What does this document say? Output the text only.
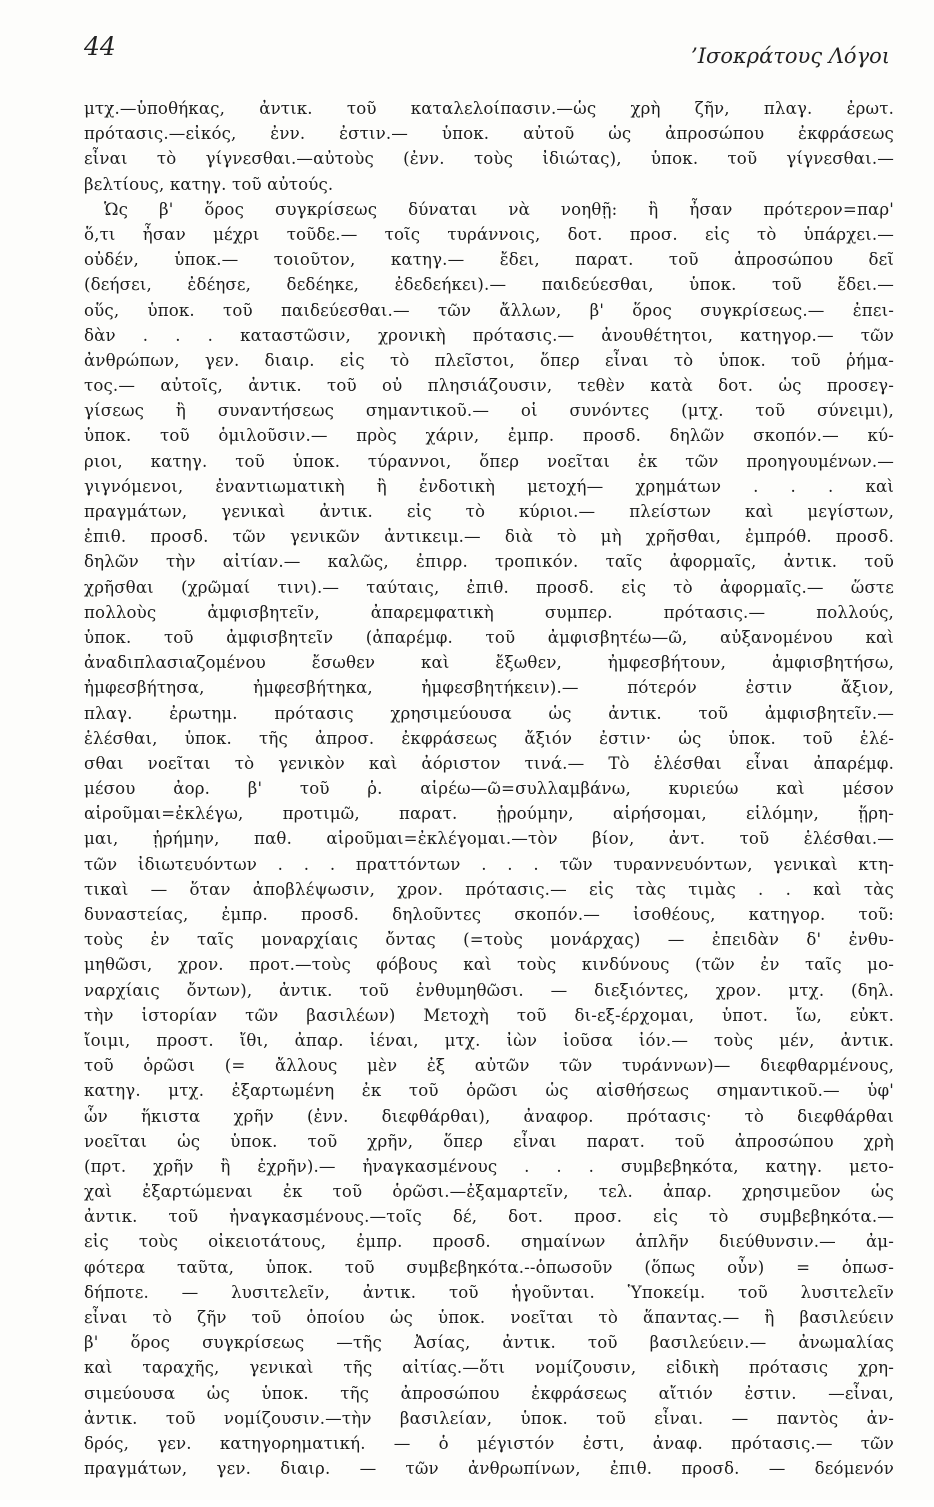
44	’Ισοκράτους Λόγοι
μτχ.—ὑποθήκας, ἀντικ. τοῦ καταλελοίπασιν.—ὡς χρὴ ζῆν, πλαγ. ἐρωτ.
πρότασις.—εἰκός, ἐνν. ἐστιν.— ὑποκ. αὐτοῦ ὡς ἀπροσώπου ἐκφράσεως
εἶναι τὸ γίγνεσθαι.—αὐτοὺς (ἐνν. τοὺς ἰδιώτας), ὑποκ. τοῦ γίγνεσθαι.—
βελτίους, κατηγ. τοῦ αὐτούς.
Ὡς β' ὅρος συγκρίσεως δύναται νὰ νοηθῇ: ἢ ἦσαν πρότερον=παρ'
ὅ,τι ἦσαν μέχρι τοῦδε.— τοῖς τυράννοις, δοτ. προσ. εἰς τὸ ὑπάρχει.—
οὐδέν, ὑποκ.— τοιοῦτον, κατηγ.— ἔδει, παρατ. τοῦ ἀπροσώπου δεῖ
(δεήσει, ἐδέησε, δεδέηκε, ἐδεδεήκει).— παιδεύεσθαι, ὑποκ. τοῦ ἔδει.—
οὕς, ὑποκ. τοῦ παιδεύεσθαι.— τῶν ἄλλων, β' ὅρος συγκρίσεως.— ἐπει-
δὰν . . . καταστῶσιν, χρονικὴ πρότασις.— ἀνουθέτητοι, κατηγορ.— τῶν
ἀνθρώπων, γεν. διαιρ. εἰς τὸ πλεῖστοι, ὅπερ εἶναι τὸ ὑποκ. τοῦ ῥήμα-
τος.— αὐτοῖς, ἀντικ. τοῦ οὐ πλησιάζουσιν, τεθὲν κατὰ δοτ. ὡς προσεγ-
γίσεως ἢ συναντήσεως σημαντικοῦ.— οἱ συνόντες (μτχ. τοῦ σύνειμι),
ὑποκ. τοῦ ὁμιλοῦσιν.— πρὸς χάριν, ἐμπρ. προσδ. δηλῶν σκοπόν.— κύ-
ριοι, κατηγ. τοῦ ὑποκ. τύραννοι, ὅπερ νοεῖται ἐκ τῶν προηγουμένων.—
γιγνόμενοι, ἐναντιωματικὴ ἢ ἐνδοτικὴ μετοχή— χρημάτων . . . καὶ
πραγμάτων, γενικαὶ ἀντικ. εἰς τὸ κύριοι.— πλείστων καὶ μεγίστων,
ἐπιθ. προσδ. τῶν γενικῶν ἀντικειμ.— διὰ τὸ μὴ χρῆσθαι, ἐμπρόθ. προσδ.
δηλῶν τὴν αἰτίαν.— καλῶς, ἐπιρρ. τροπικόν. ταῖς ἀφορμαῖς, ἀντικ. τοῦ
χρῆσθαι (χρῶμαί τινι).— ταύταις, ἐπιθ. προσδ. εἰς τὸ ἀφορμαῖς.— ὥστε
πολλοὺς ἀμφισβητεῖν, ἀπαρεμφατικὴ συμπερ. πρότασις.— πολλούς,
ὑποκ. τοῦ ἀμφισβητεῖν (ἀπαρέμφ. τοῦ ἀμφισβητέω—ῶ, αὐξανομένου καὶ
ἀναδιπλασιαζομένου ἔσωθεν καὶ ἔξωθεν, ἠμφεσβήτουν, ἀμφισβητήσω,
ἠμφεσβήτησα, ἠμφεσβήτηκα, ἠμφεσβητήκειν).— πότερόν ἐστιν ἄξιον,
πλαγ. ἐρωτημ. πρότασις χρησιμεύουσα ὡς ἀντικ. τοῦ ἀμφισβητεῖν.—
ἑλέσθαι, ὑποκ. τῆς ἀπροσ. ἐκφράσεως ἄξιόν ἐστιν· ὡς ὑποκ. τοῦ ἑλέ-
σθαι νοεῖται τὸ γενικὸν καὶ ἀόριστον τινά.— Τὸ ἑλέσθαι εἶναι ἀπαρέμφ.
μέσου ἀορ. β' τοῦ ῥ. αἱρέω—ῶ=συλλαμβάνω, κυριεύω καὶ μέσον
αἱροῦμαι=ἐκλέγω, προτιμῶ, παρατ. ᾑρούμην, αἱρήσομαι, εἱλόμην, ᾕρη-
μαι, ᾑρήμην, παθ. αἱροῦμαι=ἐκλέγομαι.—τὸν βίον, ἀντ. τοῦ ἑλέσθαι.—
τῶν ἰδιωτευόντων . . . πραττόντων . . . τῶν τυραννευόντων, γενικαὶ κτη-
τικαὶ — ὅταν ἀποβλέψωσιν, χρον. πρότασις.— εἰς τὰς τιμὰς . . καὶ τὰς
δυναστείας, ἐμπρ. προσδ. δηλοῦντες σκοπόν.— ἰσοθέους, κατηγορ. τοῦ:
τοὺς ἐν ταῖς μοναρχίαις ὄντας (=τοὺς μονάρχας) — ἐπειδὰν δ' ἐνθυ-
μηθῶσι, χρον. προτ.—τοὺς φόβους καὶ τοὺς κινδύνους (τῶν ἐν ταῖς μο-
ναρχίαις ὄντων), ἀντικ. τοῦ ἐνθυμηθῶσι. — διεξιόντες, χρον. μτχ. (δηλ.
τὴν ἱστορίαν τῶν βασιλέων) Μετοχὴ τοῦ δι-εξ-έρχομαι, ὑποτ. ἴω, εὐκτ.
ἴοιμι, προστ. ἴθι, ἀπαρ. ἰέναι, μτχ. ἰὼν ἰοῦσα ἰόν.— τοὺς μέν, ἀντικ.
τοῦ ὁρῶσι (= ἄλλους μὲν ἐξ αὐτῶν τῶν τυράννων)— διεφθαρμένους,
κατηγ. μτχ. ἐξαρτωμένη ἐκ τοῦ ὁρῶσι ὡς αἰσθήσεως σημαντικοῦ.— ὑφ'
ὧν ἥκιστα χρῆν (ἐνν. διεφθάρθαι), ἀναφορ. πρότασις· τὸ διεφθάρθαι
νοεῖται ὡς ὑποκ. τοῦ χρῆν, ὅπερ εἶναι παρατ. τοῦ ἀπροσώπου χρὴ
(πρτ. χρῆν ἢ ἐχρῆν).— ἠναγκασμένους . . . συμβεβηκότα, κατηγ. μετο-
χαὶ ἐξαρτώμεναι ἐκ τοῦ ὁρῶσι.—ἐξαμαρτεῖν, τελ. ἀπαρ. χρησιμεῦον ὡς
ἀντικ. τοῦ ἠναγκασμένους.—τοῖς δέ, δοτ. προσ. εἰς τὸ συμβεβηκότα.—
εἰς τοὺς οἰκειοτάτους, ἐμπρ. προσδ. σημαίνων ἁπλῆν διεύθυνσιν.— ἀμ-
φότερα ταῦτα, ὑποκ. τοῦ συμβεβηκότα.--ὁπωσοῦν (ὅπως οὖν) = ὁπωσ-
δήποτε. — λυσιτελεῖν, ἀντικ. τοῦ ἡγοῦνται. Ὑποκείμ. τοῦ λυσιτελεῖν
εἶναι τὸ ζῆν τοῦ ὁποίου ὡς ὑποκ. νοεῖται τὸ ἅπαντας.— ἢ βασιλεύειν
β' ὅρος συγκρίσεως —τῆς Ἀσίας, ἀντικ. τοῦ βασιλεύειν.— ἀνωμαλίας
καὶ ταραχῆς, γενικαὶ τῆς αἰτίας.—ὅτι νομίζουσιν, εἰδικὴ πρότασις χρη-
σιμεύουσα ὡς ὑποκ. τῆς ἀπροσώπου ἐκφράσεως αἴτιόν ἐστιν. —εἶναι,
ἀντικ. τοῦ νομίζουσιν.—τὴν βασιλείαν, ὑποκ. τοῦ εἶναι. — παντὸς ἀν-
δρός, γεν. κατηγορηματική. — ὁ μέγιστόν ἐστι, ἀναφ. πρότασις.— τῶν
πραγμάτων, γεν. διαιρ. — τῶν ἀνθρωπίνων, ἐπιθ. προσδ. — δεόμενόν
